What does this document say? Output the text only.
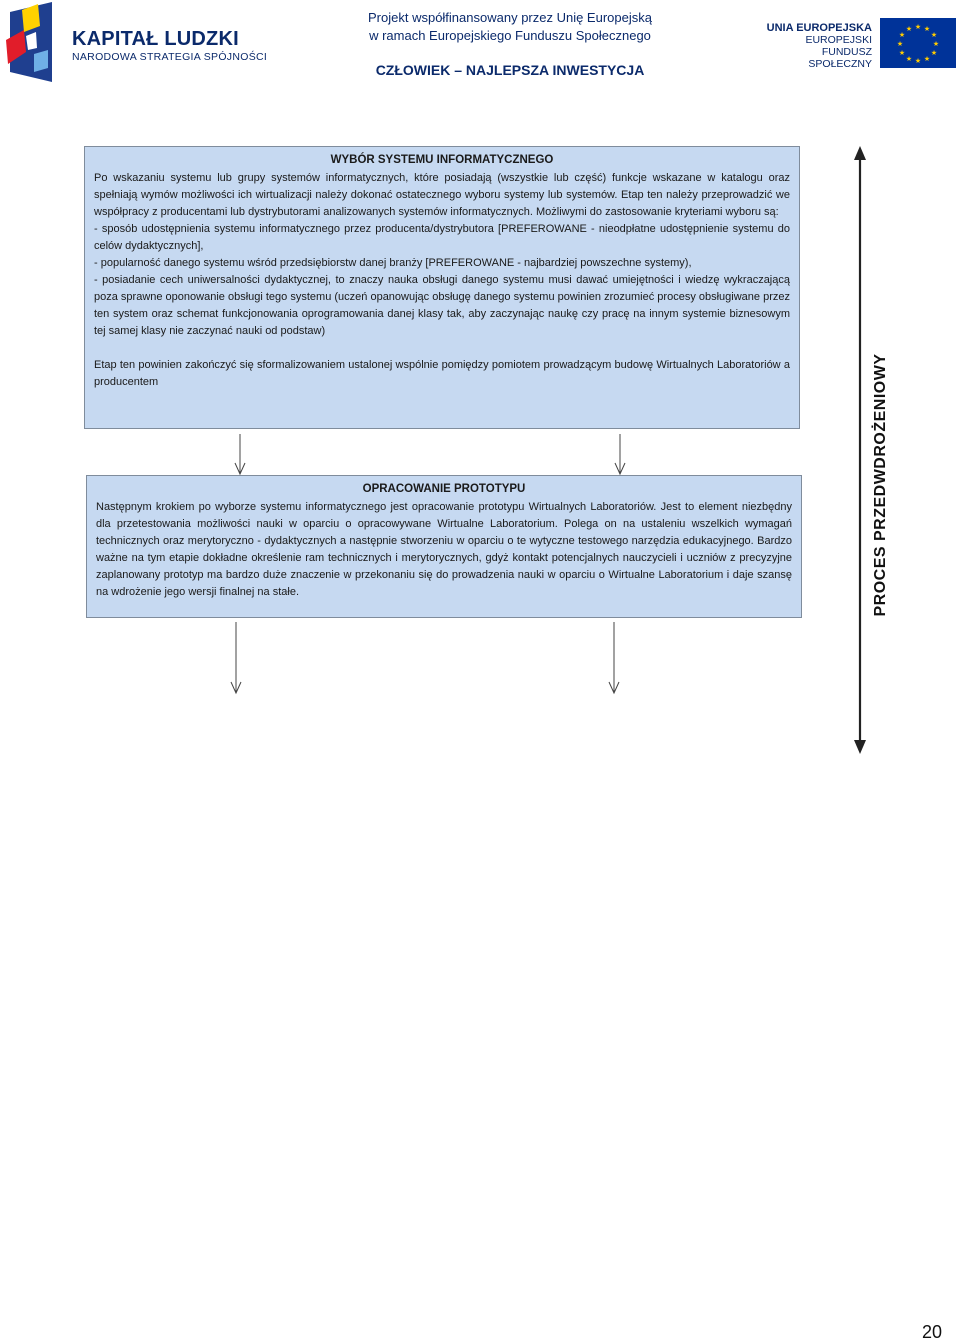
KAPITAŁ LUDZKI
NARODOWA STRATEGIA SPÓJNOŚCI
Projekt współfinansowany przez Unię Europejską
w ramach Europejskiego Funduszu Społecznego
CZŁOWIEK – NAJLEPSZA INWESTYCJA
UNIA EUROPEJSKA
EUROPEJSKI
FUNDUSZ SPOŁECZNY
★ ★
★
★
★
★
★
★
★
★
★
★
WYBÓR SYSTEMU INFORMATYCZNEGO

Po wskazaniu systemu lub grupy systemów informatycznych, które posiadają (wszystkie lub część) funkcje wskazane w katalogu oraz spełniają wymów możliwości ich wirtualizacji należy dokonać ostatecznego wyboru systemy lub systemów. Etap ten należy przeprowadzić we współpracy z producentami lub dystrybutorami analizowanych systemów informatycznych. Możliwymi do zastosowanie kryteriami wyboru są:

- sposób udostępnienia systemu informatycznego przez producenta/dystrybutora [PREFEROWANE - nieodpłatne udostępnienie systemu do celów dydaktycznych],

- popularność danego systemu wśród przedsiębiorstw danej branży [PREFEROWANE - najbardziej powszechne systemy),

- posiadanie cech uniwersalności dydaktycznej, to znaczy nauka obsługi danego systemu musi dawać umiejętności i wiedzę wykraczającą poza sprawne oponowanie obsługi tego systemu (uczeń opanowując obsługę danego systemu powinien zrozumieć procesy obsługiwane przez ten system oraz schemat funkcjonowania oprogramowania danej klasy tak, aby zaczynając naukę czy pracę na innym systemie biznesowym tej samej klasy nie zaczynać nauki od podstaw)

Etap ten powinien zakończyć się sformalizowaniem ustalonej wspólnie pomiędzy pomiotem prowadzącym budowę Wirtualnych Laboratoriów a producentem

OPRACOWANIE PROTOTYPU

Następnym krokiem po wyborze systemu informatycznego jest opracowanie prototypu Wirtualnych Laboratoriów. Jest to element niezbędny dla przetestowania możliwości nauki w oparciu o opracowywane Wirtualne Laboratorium. Polega on na ustaleniu wszelkich wymagań technicznych oraz merytoryczno - dydaktycznych a następnie stworzeniu w oparciu o te wytyczne testowego narzędzia edukacyjnego. Bardzo ważne na tym etapie dokładne określenie ram technicznych i merytorycznych, gdyż kontakt potencjalnych nauczycieli i uczniów z precyzyjne zaplanowany prototyp ma bardzo duże znaczenie w przekonaniu się do prowadzenia nauki w oparciu o Wirtualne Laboratorium i daje szansę na wdrożenie jego wersji finalnej na stałe.	PROCES PRZEDWDROŻENIOWY
20
